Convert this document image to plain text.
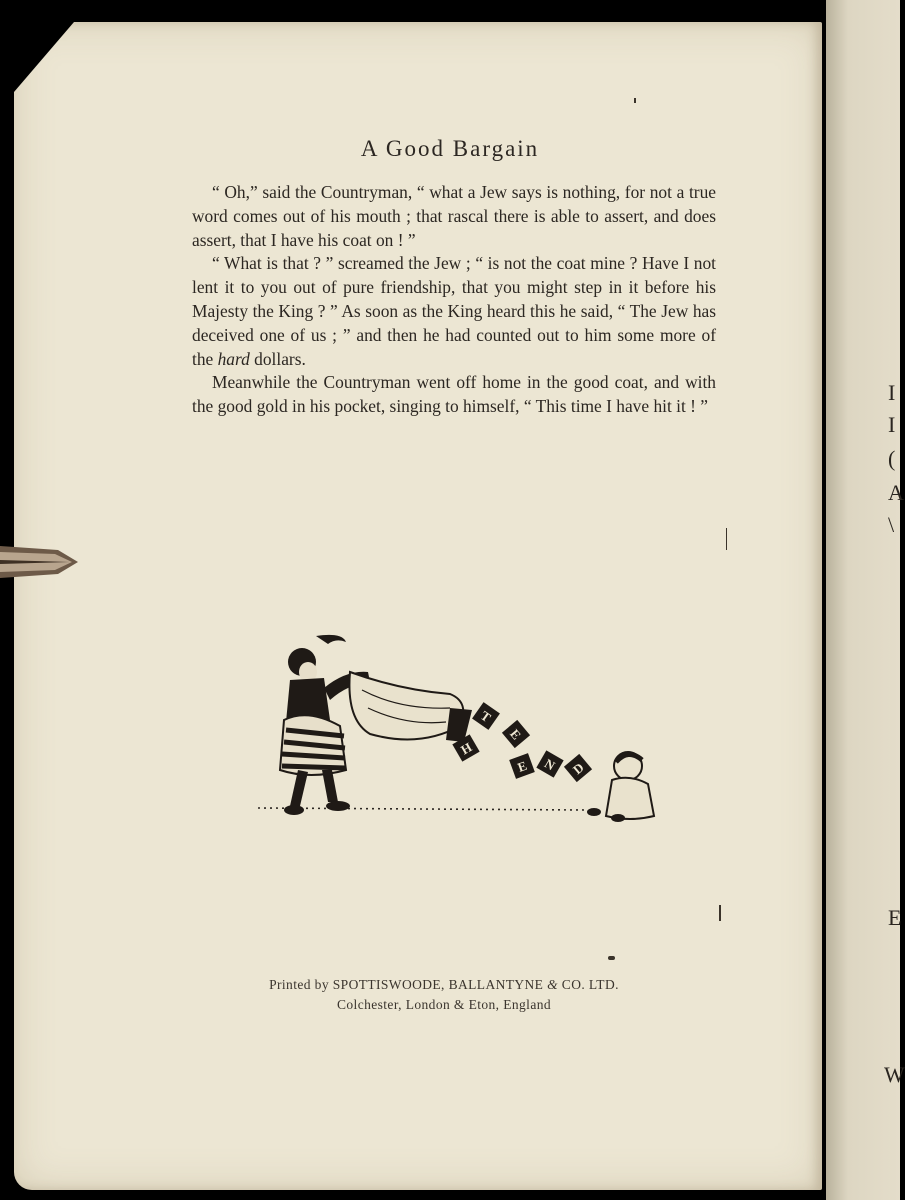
I
I
(
A
\
E
W
A Good Bargain

“ Oh,” said the Countryman, “ what a Jew says is nothing, for not a true word comes out of his mouth ; that rascal there is able to assert, and does assert, that I have his coat on ! ”

“ What is that ? ” screamed the Jew ; “ is not the coat mine ? Have I not lent it to you out of pure friendship, that you might step in it before his Majesty the King ? ” As soon as the King heard this he said, “ The Jew has deceived one of us ; ” and then he had counted out to him some more of the hard dollars.

Meanwhile the Countryman went off home in the good coat, and with the good gold in his pocket, singing to himself, “ This time I have hit it ! ”

T
H
E
E N D
Printed by SPOTTISWOODE, BALLANTYNE & CO. LTD.
Colchester, London & Eton, England
